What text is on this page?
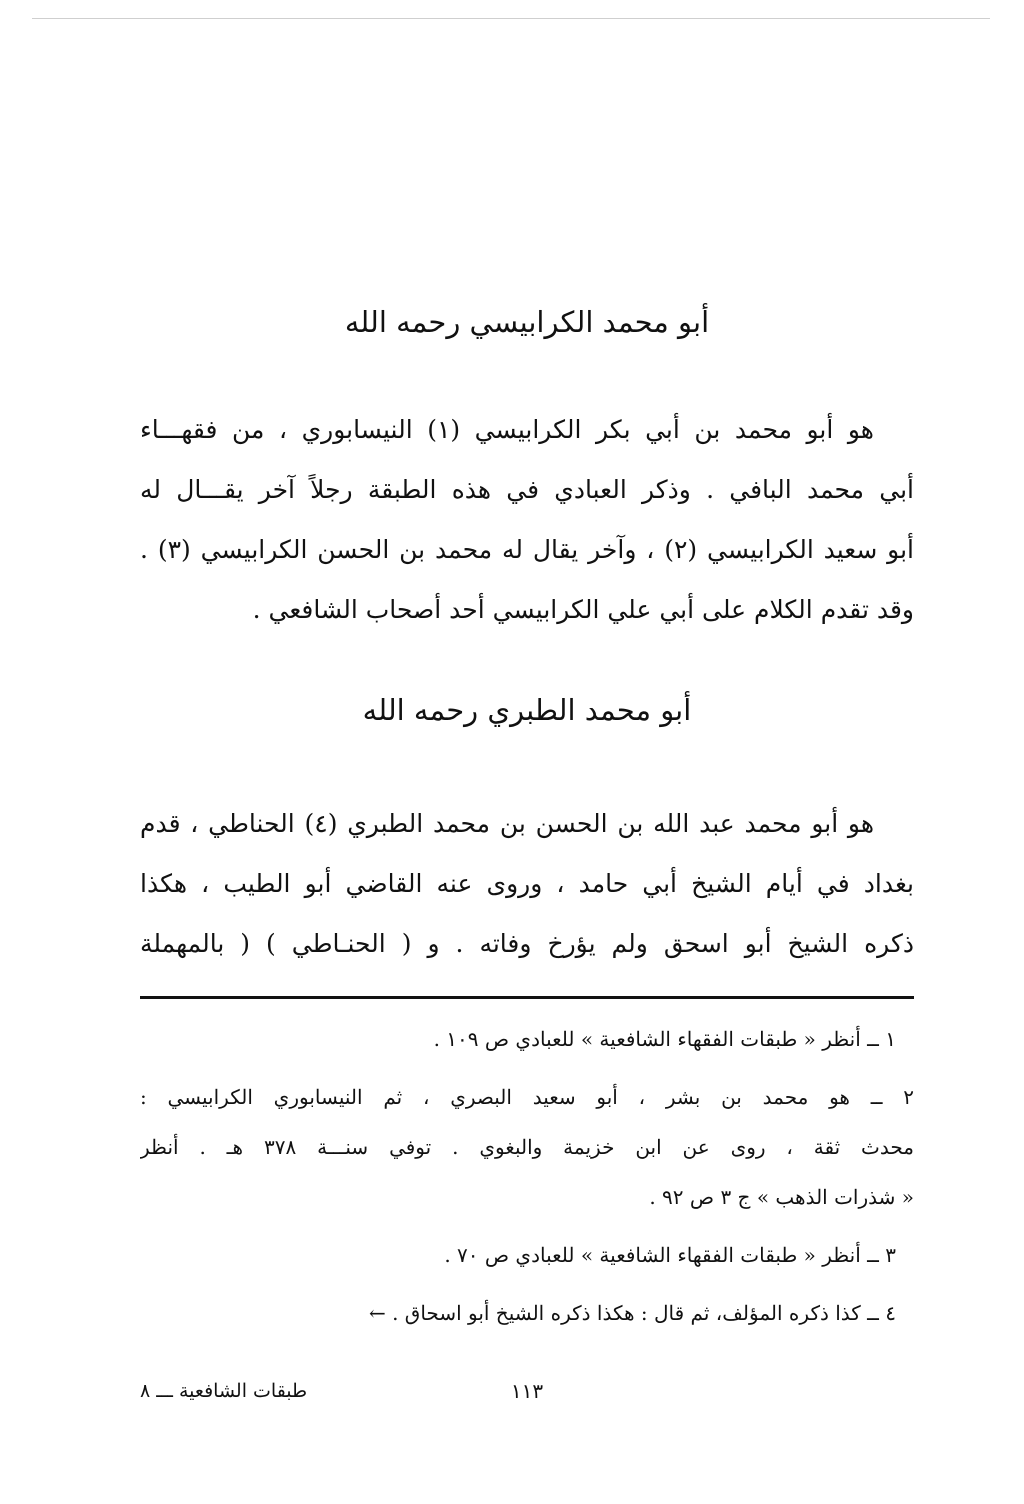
أبو محمد الكرابيسي رحمه الله
هو أبو محمد بن أبي بكر الكرابيسي (١) النيسابوري ، من فقهـــاء
أبي محمد البافي . وذكر العبادي في هذه الطبقة رجلاً آخر يقـــال له
أبو سعيد الكرابيسي (٢) ، وآخر يقال له محمد بن الحسن الكرابيسي (٣) .
وقد تقدم الكلام على أبي علي الكرابيسي أحد أصحاب الشافعي .
أبو محمد الطبري رحمه الله
هو أبو محمد عبد الله بن الحسن بن محمد الطبري (٤) الحناطي ، قدم
بغداد في أيام الشيخ أبي حامد ، وروى عنه القاضي أبو الطيب ، هكذا
ذكره الشيخ أبو اسحق ولم يؤرخ وفاته . و ( الحنـاطي ) ( بالمهملة
١ ــ أنظر « طبقات الفقهاء الشافعية » للعبادي ص ١٠٩ .
٢ ــ هو محمد بن بشر ، أبو سعيد البصري ، ثم النيسابوري الكرابيسي :
محدث ثقة ، روى عن ابن خزيمة والبغوي . توفي سنـــة ٣٧٨ هـ . أنظر
« شذرات الذهب » ج ٣ ص ٩٢ .
٣ ــ أنظر « طبقات الفقهاء الشافعية » للعبادي ص ٧٠ .
٤ ــ كذا ذكره المؤلف، ثم قال : هكذا ذكره الشيخ أبو اسحاق . ←
١١٣
طبقات الشافعية ـــ ٨
